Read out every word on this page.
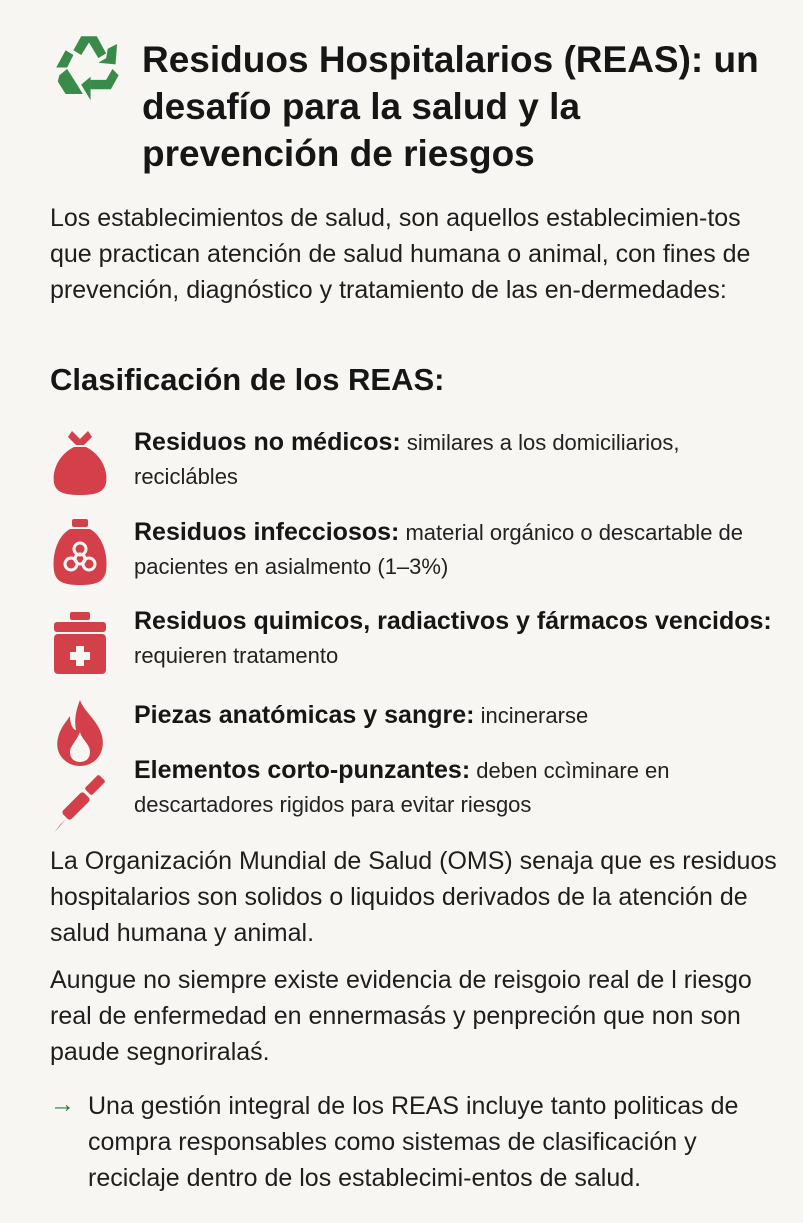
Residuos Hospitalarios (REAS): un desafío para la salud y la prevención de riesgos

Los establecimientos de salud, son aquellos establecimien-tos que practican atención de salud humana o animal, con fines de prevención, diagnóstico y tratamiento de las en-dermedades:

Clasificación de los REAS:
Residuos no médicos: similares a los domiciliarios, reciclábles
Residuos infecciosos: material orgánico o descartable de pacientes en asialmento (1–3%)
Residuos quimicos, radiactivos y fármacos vencidos: requieren tratamento
Piezas anatómicas y sangre: incinerarse
Elementos corto-punzantes: deben ccìminare en descartadores rigidos para evitar riesgos

La Organización Mundial de Salud (OMS) senaja que es residuos hospitalarios son solidos o liquidos derivados de la atención de salud humana y animal.

Aungue no siempre existe evidencia de reisgoio real de l riesgo real de enfermedad en ennermasás y penprеción que non son paude segnoriralaś.

→ Una gestión integral de los REAS incluye tanto politicas de compra responsables como sistemas de clasificación y reciclaje dentro de los establecimi-entos de salud.
